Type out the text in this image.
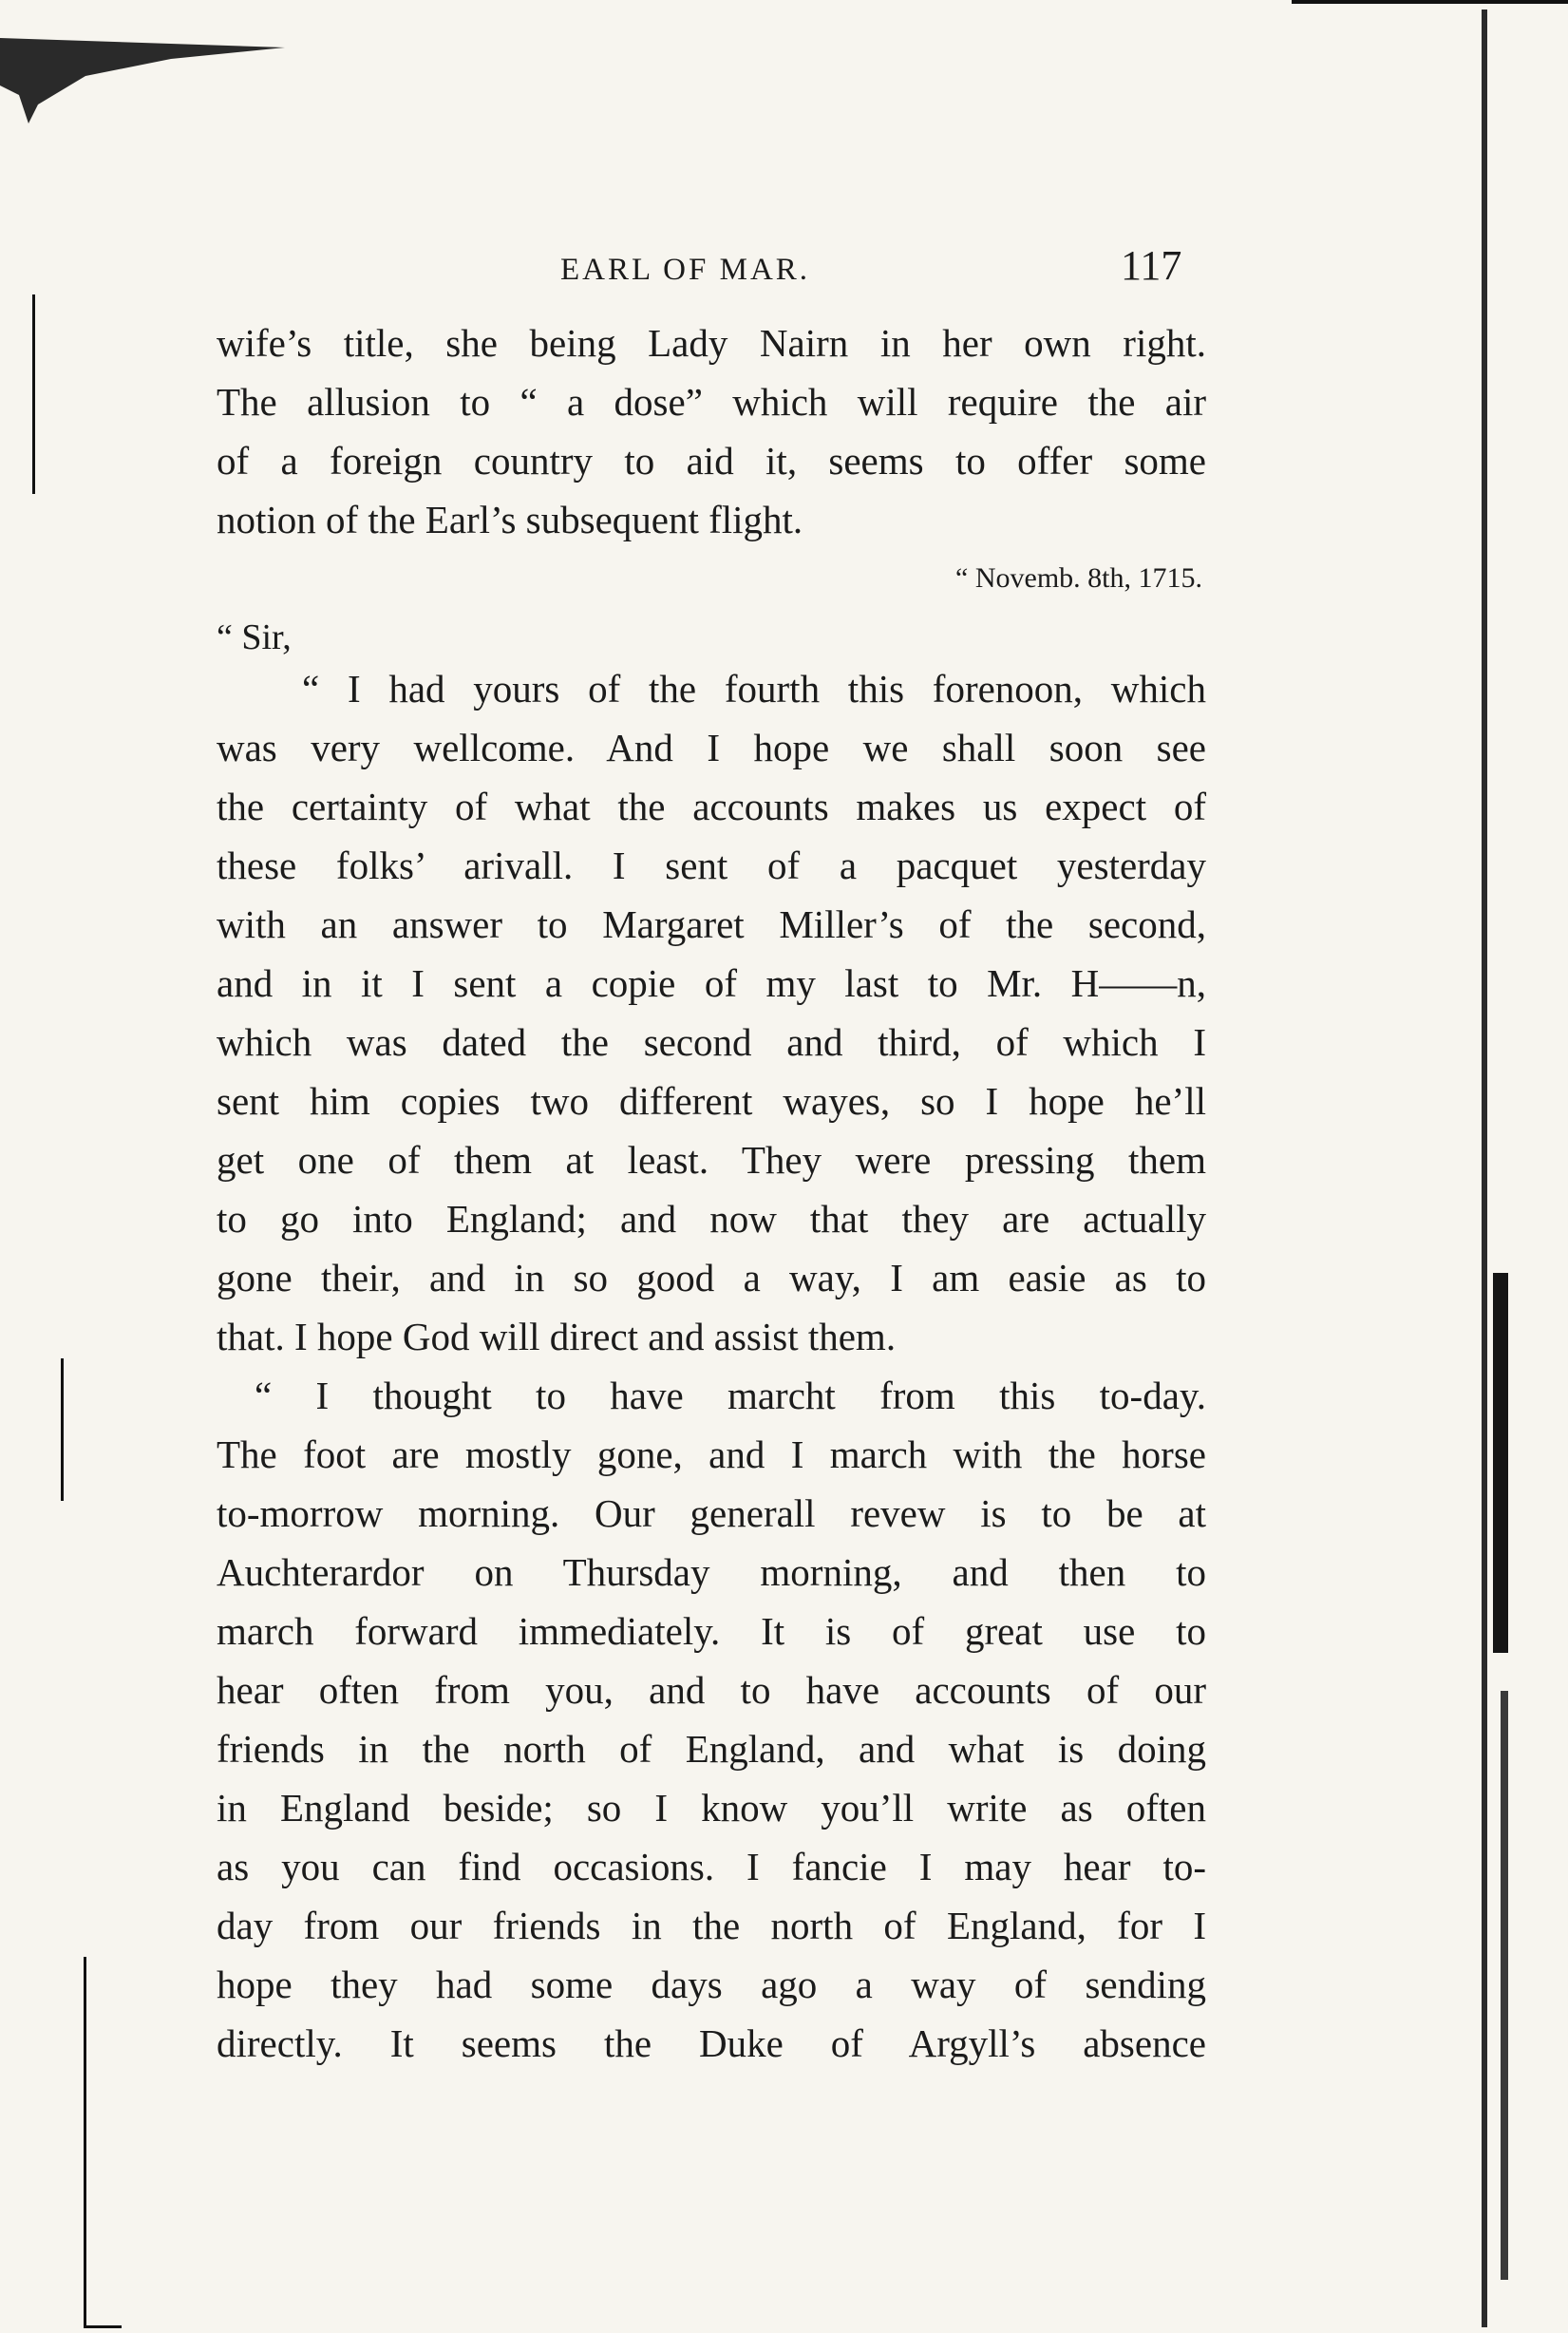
EARL OF MAR.	117
wife’s title, she being Lady Nairn in her own right.
The allusion to “ a dose” which will require the air
of a foreign country to aid it, seems to offer some
notion of the Earl’s subsequent flight.
“ Novemb. 8th, 1715.
“ Sir,
“ I had yours of the fourth this forenoon, which
was very wellcome. And I hope we shall soon see
the certainty of what the accounts makes us expect of
these folks’ arivall. I sent of a pacquet yesterday
with an answer to Margaret Miller’s of the second,
and in it I sent a copie of my last to Mr. H——n,
which was dated the second and third, of which I
sent him copies two different wayes, so I hope he’ll
get one of them at least. They were pressing them
to go into England; and now that they are actually
gone their, and in so good a way, I am easie as to
that. I hope God will direct and assist them.
“ I thought to have marcht from this to-day.
The foot are mostly gone, and I march with the horse
to-morrow morning. Our generall revew is to be at
Auchterardor on Thursday morning, and then to
march forward immediately. It is of great use to
hear often from you, and to have accounts of our
friends in the north of England, and what is doing
in England beside; so I know you’ll write as often
as you can find occasions. I fancie I may hear to-
day from our friends in the north of England, for I
hope they had some days ago a way of sending
directly. It seems the Duke of Argyll’s absence
